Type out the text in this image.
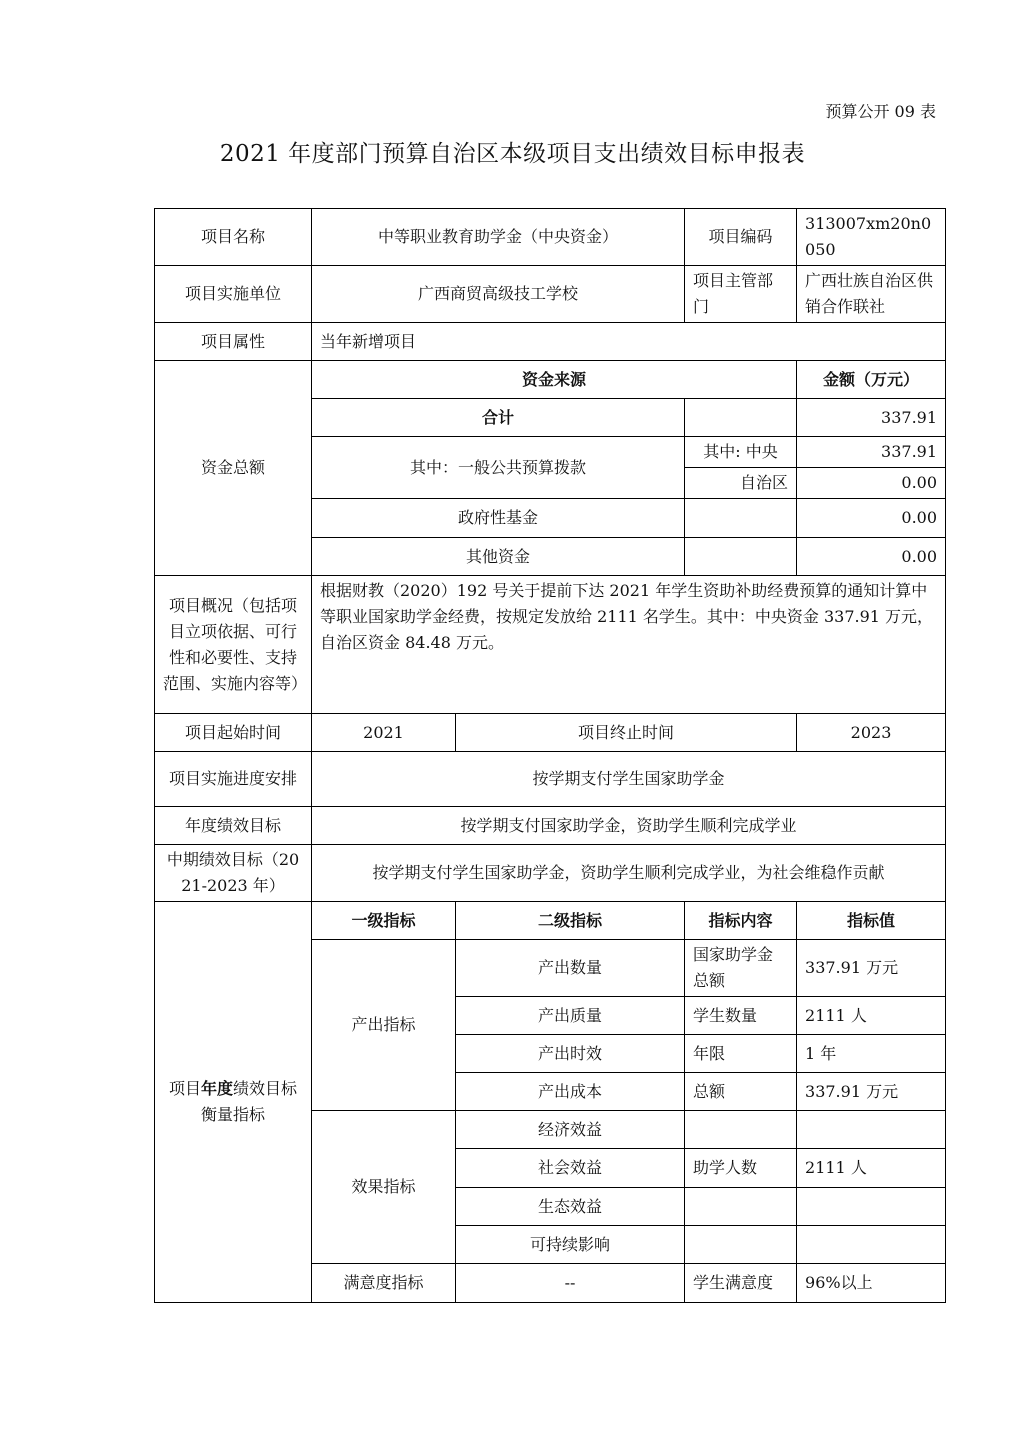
预算公开 09 表
2021 年度部门预算自治区本级项目支出绩效目标申报表
项目名称	中等职业教育助学金（中央资金）		项目编码	313007xm20n0050
项目实施单位	广西商贸高级技工学校		项目主管部门	广西壮族自治区供销合作联社
项目属性	当年新增项目			
资金总额	资金来源			金额（万元）
	合计			337.91
	其中：一般公共预算拨款		其中: 中央	337.91
			自治区	0.00
	政府性基金			0.00
	其他资金			0.00
项目概况（包括项目立项依据、可行性和必要性、支持范围、实施内容等）	根据财教（2020）192 号关于提前下达 2021 年学生资助补助经费预算的通知计算中等职业国家助学金经费，按规定发放给 2111 名学生。其中：中央资金 337.91 万元，自治区资金 84.48 万元。			
项目起始时间	2021	项目终止时间		2023
项目实施进度安排	按学期支付学生国家助学金			
年度绩效目标	按学期支付国家助学金，资助学生顺利完成学业			
中期绩效目标（2021-2023 年）	按学期支付学生国家助学金，资助学生顺利完成学业，为社会维稳作贡献			
项目年度绩效目标衡量指标	一级指标	二级指标	指标内容	指标值
	产出指标	产出数量	国家助学金总额	337.91 万元
		产出质量	学生数量	2111 人
		产出时效	年限	1 年
		产出成本	总额	337.91 万元
	效果指标	经济效益		
		社会效益	助学人数	2111 人
		生态效益		
		可持续影响		
	满意度指标	--	学生满意度	96%以上
